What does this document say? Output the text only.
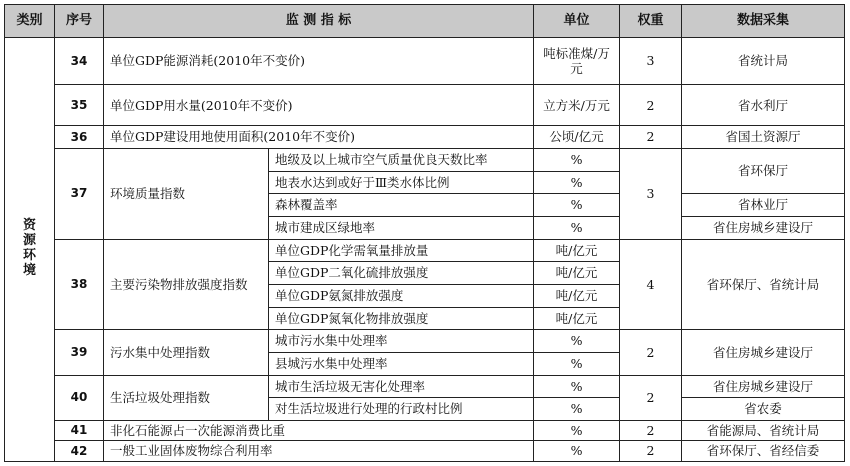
类别	序号	监 测 指 标		单位	权重	数据采集
资源环境	34	单位GDP能源消耗(2010年不变价)		吨标准煤/万元	3	省统计局
	35	单位GDP用水量(2010年不变价)		立方米/万元	2	省水利厅
	36	单位GDP建设用地使用面积(2010年不变价)		公顷/亿元	2	省国土资源厅
	37	环境质量指数	地级及以上城市空气质量优良天数比率	%	3	省环保厅
			地表水达到或好于Ⅲ类水体比例	%		
			森林覆盖率	%		省林业厅
			城市建成区绿地率	%		省住房城乡建设厅
	38	主要污染物排放强度指数	单位GDP化学需氧量排放量	吨/亿元	4	省环保厅、省统计局
			单位GDP二氧化硫排放强度	吨/亿元		
			单位GDP氨氮排放强度	吨/亿元		
			单位GDP氮氧化物排放强度	吨/亿元		
	39	污水集中处理指数	城市污水集中处理率	%	2	省住房城乡建设厅
			县城污水集中处理率	%		
	40	生活垃圾处理指数	城市生活垃圾无害化处理率	%	2	省住房城乡建设厅
			对生活垃圾进行处理的行政村比例	%		省农委
	41	非化石能源占一次能源消费比重		%	2	省能源局、省统计局
	42	一般工业固体废物综合利用率		%	2	省环保厅、省经信委
